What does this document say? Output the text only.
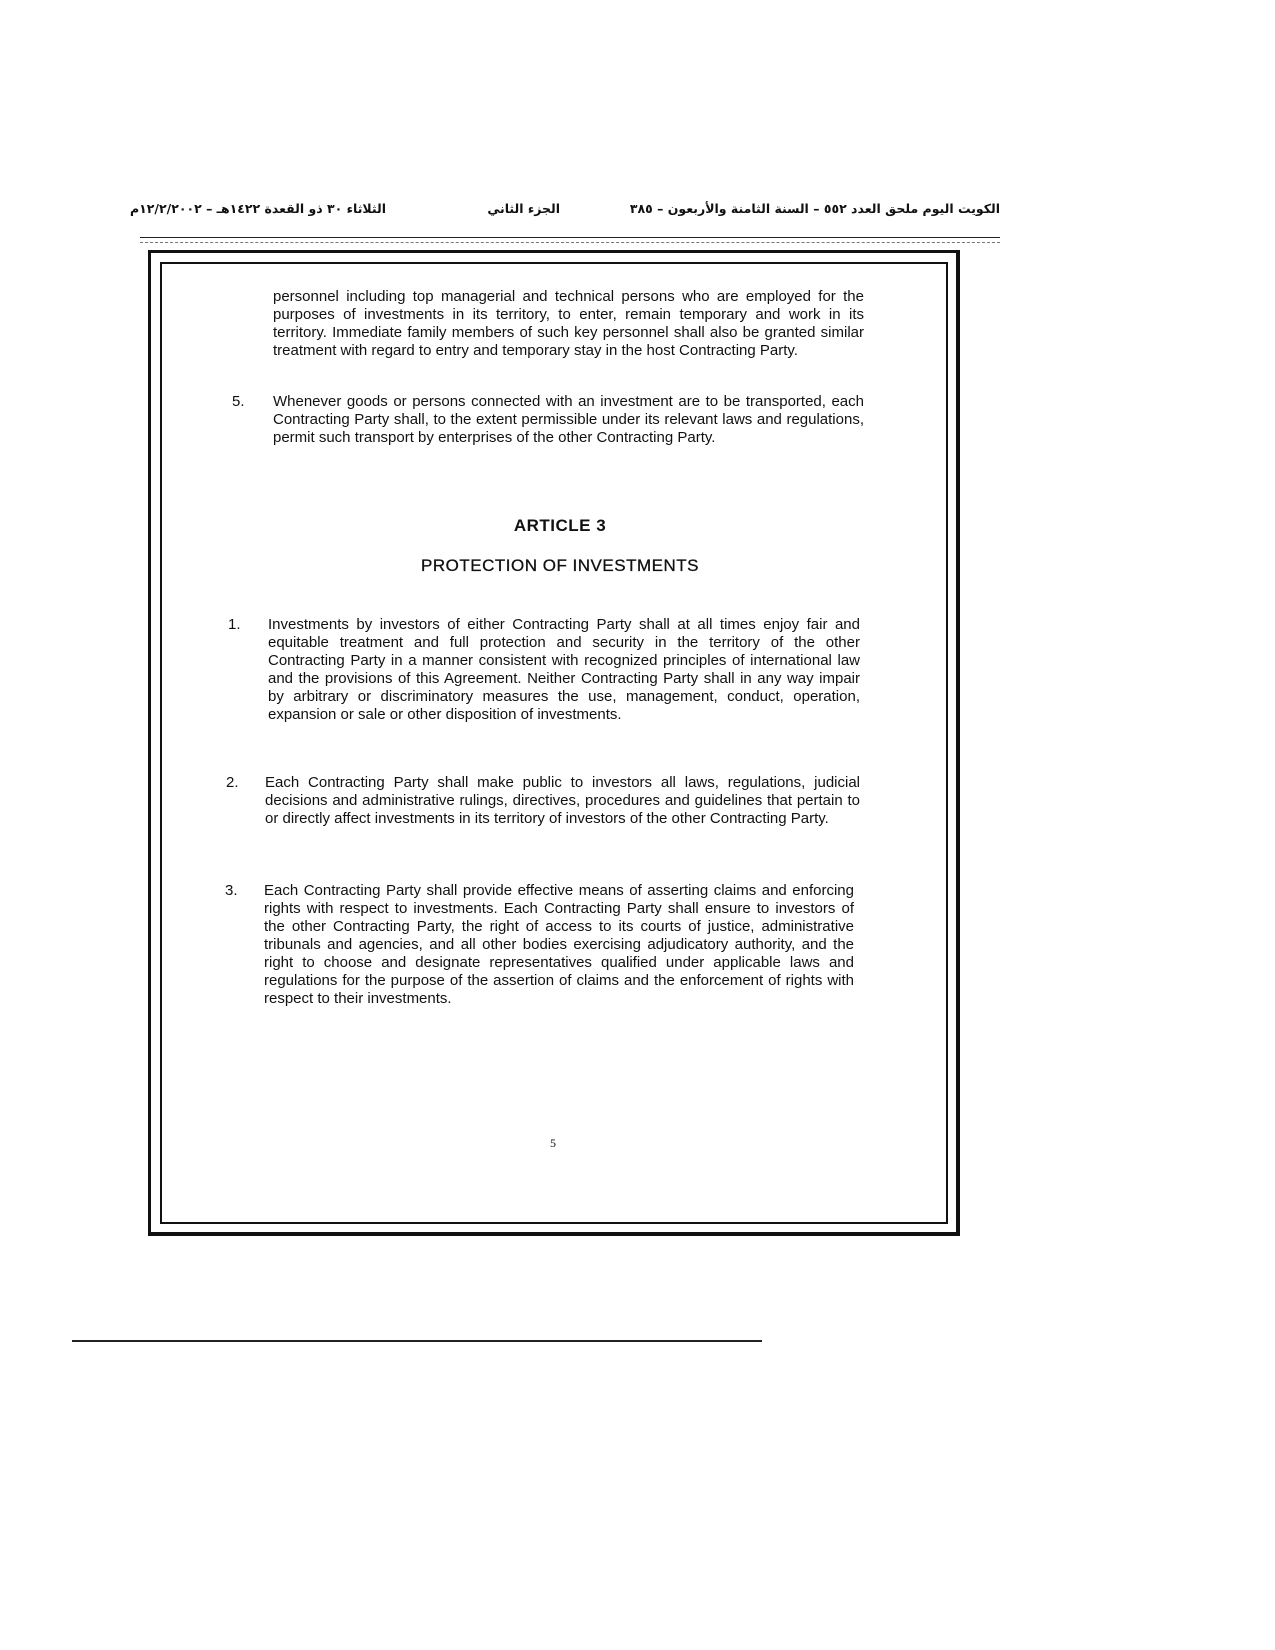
الكويت اليوم ملحق العدد ٥٥٢ – السنة الثامنة والأربعون – ٣٨٥
الجزء الثاني
الثلاثاء ٣٠ ذو القعدة ١٤٢٢هـ – ١٢/٢/٢٠٠٢م
personnel including top managerial and technical persons who are employed for the purposes of investments in its territory, to enter, remain temporary and work in its territory. Immediate family members of such key personnel shall also be granted similar treatment with regard to entry and temporary stay in the host Contracting Party.
5. Whenever goods or persons connected with an investment are to be transported, each Contracting Party shall, to the extent permissible under its relevant laws and regulations, permit such transport by enterprises of the other Contracting Party.
ARTICLE 3
PROTECTION OF INVESTMENTS
1. Investments by investors of either Contracting Party shall at all times enjoy fair and equitable treatment and full protection and security in the territory of the other Contracting Party in a manner consistent with recognized principles of international law and the provisions of this Agreement. Neither Contracting Party shall in any way impair by arbitrary or discriminatory measures the use, management, conduct, operation, expansion or sale or other disposition of investments.
2. Each Contracting Party shall make public to investors all laws, regulations, judicial decisions and administrative rulings, directives, procedures and guidelines that pertain to or directly affect investments in its territory of investors of the other Contracting Party.
3. Each Contracting Party shall provide effective means of asserting claims and enforcing rights with respect to investments. Each Contracting Party shall ensure to investors of the other Contracting Party, the right of access to its courts of justice, administrative tribunals and agencies, and all other bodies exercising adjudicatory authority, and the right to choose and designate representatives qualified under applicable laws and regulations for the purpose of the assertion of claims and the enforcement of rights with respect to their investments.
5
